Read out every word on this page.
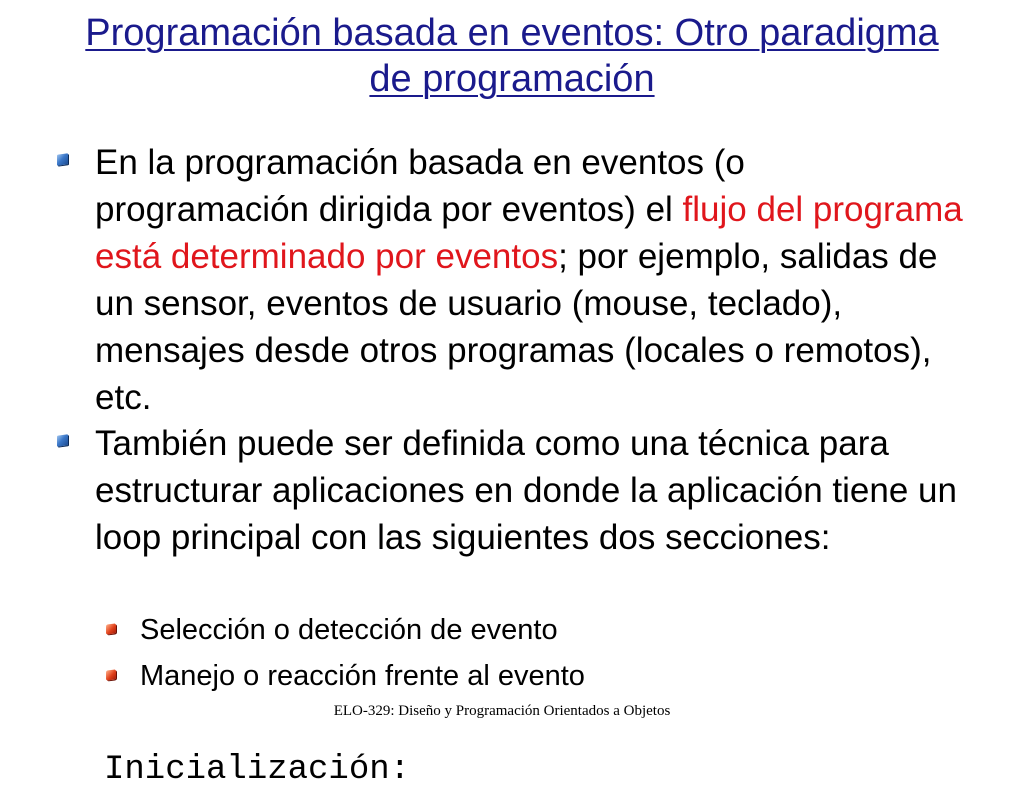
Programación basada en eventos: Otro paradigma de programación
En la programación basada en eventos (o programación dirigida por eventos) el flujo del programa está determinado por eventos; por ejemplo, salidas de un sensor, eventos de usuario (mouse, teclado), mensajes desde otros programas (locales o remotos), etc.
También puede ser definida como una técnica para estructurar aplicaciones en donde la aplicación tiene un loop principal con las siguientes dos secciones:
Selección o detección de evento
Manejo o reacción frente al evento
ELO-329: Diseño y Programación Orientados a Objetos
Inicialización:
